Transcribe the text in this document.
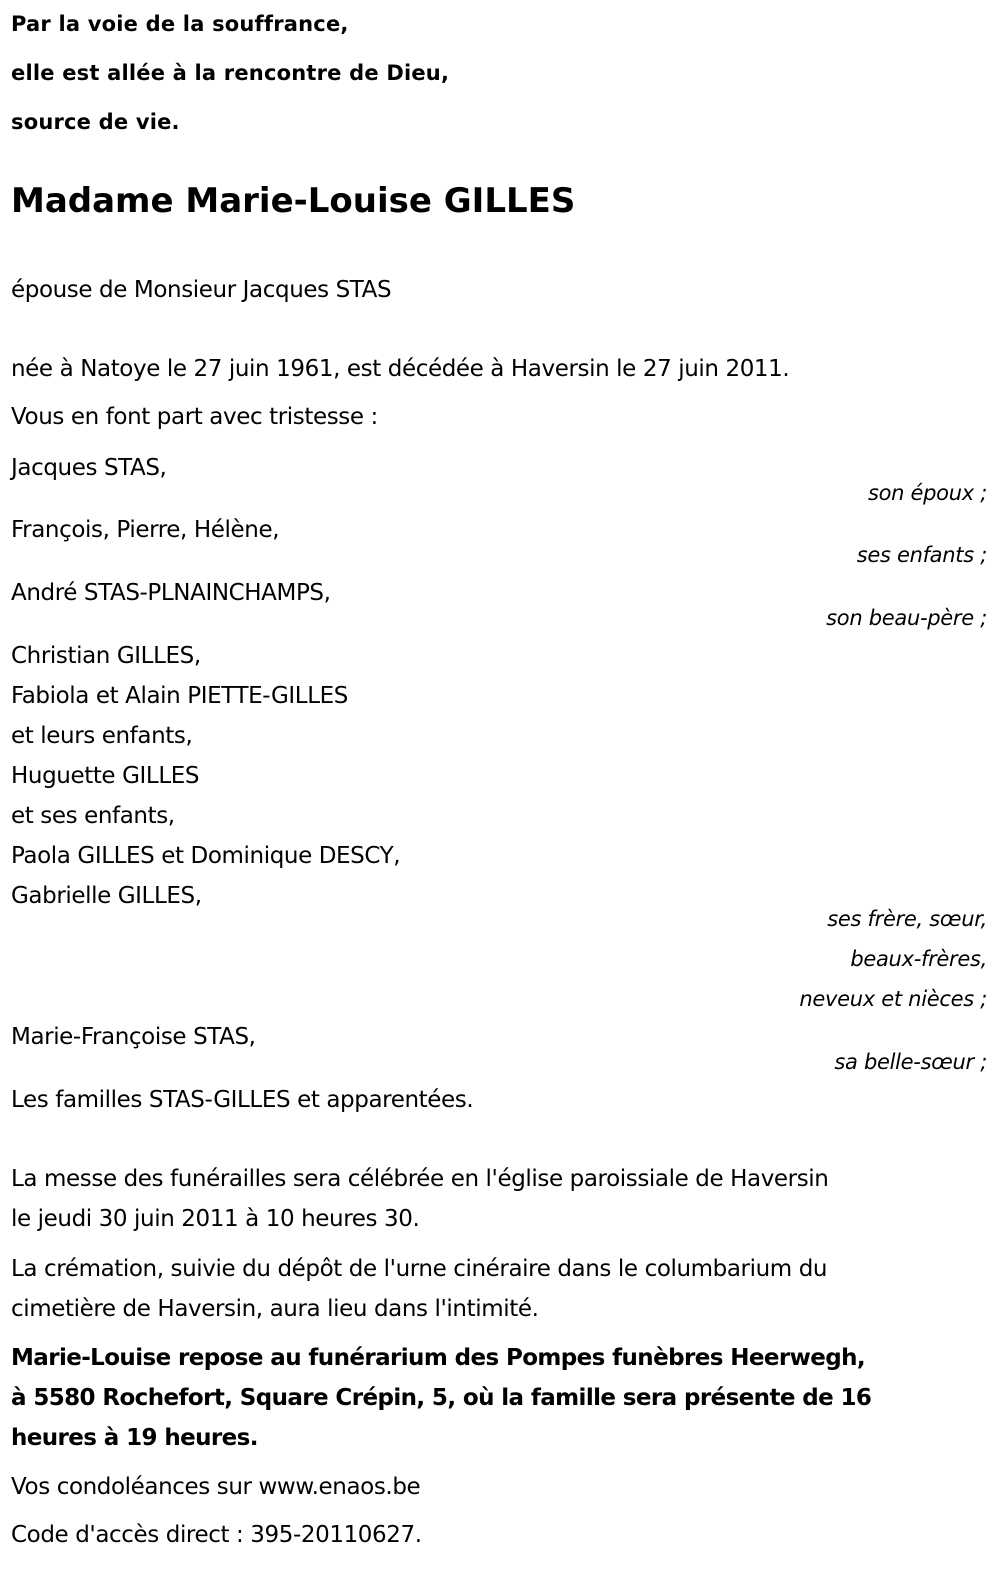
Par la voie de la souffrance,
elle est allée à la rencontre de Dieu,
source de vie.
Madame Marie-Louise GILLES
épouse de Monsieur Jacques STAS
née à Natoye le 27 juin 1961, est décédée à Haversin le 27 juin 2011.
Vous en font part avec tristesse :
Jacques STAS,
son époux ;
François, Pierre, Hélène,
ses enfants ;
André STAS-PLNAINCHAMPS,
son beau-père ;
Christian GILLES,
Fabiola et Alain PIETTE-GILLES
et leurs enfants,
Huguette GILLES
et ses enfants,
Paola GILLES et Dominique DESCY,
Gabrielle GILLES,
ses frère, sœur,
beaux-frères,
neveux et nièces ;
Marie-Françoise STAS,
sa belle-sœur ;
Les familles STAS-GILLES et apparentées.
La messe des funérailles sera célébrée en l'église paroissiale de Haversin
le jeudi 30 juin 2011 à 10 heures 30.
La crémation, suivie du dépôt de l'urne cinéraire dans le columbarium du
cimetière de Haversin, aura lieu dans l'intimité.
Marie-Louise repose au funérarium des Pompes funèbres Heerwegh,
à 5580 Rochefort, Square Crépin, 5, où la famille sera présente de 16
heures à 19 heures.
Vos condoléances sur www.enaos.be
Code d'accès direct : 395-20110627.
